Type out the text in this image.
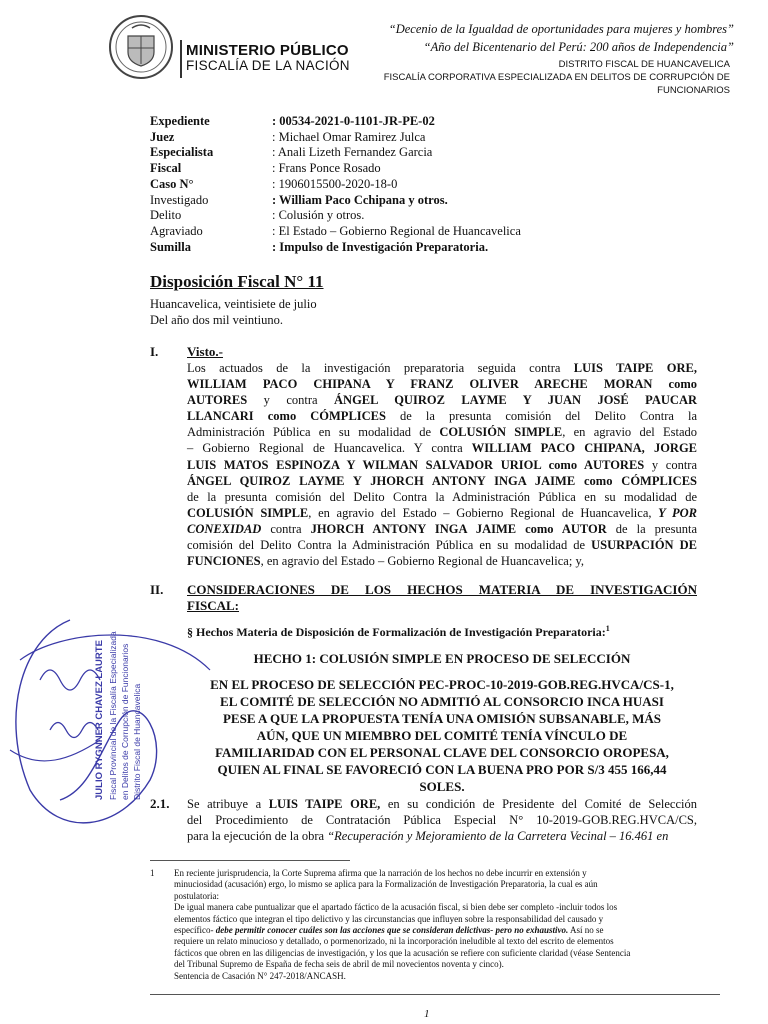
MINISTERIO PÚBLICO
FISCALÍA DE LA NACIÓN
“Decenio de la Igualdad de oportunidades para mujeres y hombres”
“Año del Bicentenario del Perú: 200 años de Independencia”
DISTRITO FISCAL DE HUANCAVELICA
FISCALÍA CORPORATIVA ESPECIALIZADA EN DELITOS DE CORRUPCIÓN DE
FUNCIONARIOS
Expediente	: 00534-2021-0-1101-JR-PE-02
Juez	: Michael Omar Ramirez Julca
Especialista	: Anali Lizeth Fernandez Garcia
Fiscal	: Frans Ponce Rosado
Caso N°	: 1906015500-2020-18-0
Investigado	: William Paco Cchipana y otros.
Delito	: Colusión y otros.
Agraviado	: El Estado – Gobierno Regional de Huancavelica
Sumilla	: Impulso de Investigación Preparatoria.
Disposición Fiscal N° 11
Huancavelica, veintisiete de julio
Del año dos mil veintiuno.
I. Visto.-
Los actuados de la investigación preparatoria seguida contra LUIS TAIPE ORE,
WILLIAM PACO CHIPANA Y FRANZ OLIVER ARECHE MORAN como
AUTORES y contra ÁNGEL QUIROZ LAYME Y JUAN JOSÉ PAUCAR
LLANCARI como CÓMPLICES de la presunta comisión del Delito Contra la
Administración Pública en su modalidad de COLUSIÓN SIMPLE, en agravio del Estado
– Gobierno Regional de Huancavelica. Y contra WILLIAM PACO CHIPANA, JORGE
LUIS MATOS ESPINOZA Y WILMAN SALVADOR URIOL como AUTORES y contra
ÁNGEL QUIROZ LAYME Y JHORCH ANTONY INGA JAIME como CÓMPLICES
de la presunta comisión del Delito Contra la Administración Pública en su modalidad de
COLUSIÓN SIMPLE, en agravio del Estado – Gobierno Regional de Huancavelica, Y POR
CONEXIDAD contra JHORCH ANTONY INGA JAIME como AUTOR de la presunta
comisión del Delito Contra la Administración Pública en su modalidad de USURPACIÓN DE
FUNCIONES, en agravio del Estado – Gobierno Regional de Huancavelica; y,
II. CONSIDERACIONES DE LOS HECHOS MATERIA DE INVESTIGACIÓN
FISCAL:
§ Hechos Materia de Disposición de Formalización de Investigación Preparatoria:$^1$
HECHO 1: COLUSIÓN SIMPLE EN PROCESO DE SELECCIÓN
EN EL PROCESO DE SELECCIÓN PEC-PROC-10-2019-GOB.REG.HVCA/CS-1,
EL COMITÉ DE SELECCIÓN NO ADMITIÓ AL CONSORCIO INCA HUASI
PESE A QUE LA PROPUESTA TENÍA UNA OMISIÓN SUBSANABLE, MÁS
AÚN, QUE UN MIEMBRO DEL COMITÉ TENÍA VÍNCULO DE
FAMILIARIDAD CON EL PERSONAL CLAVE DEL CONSORCIO OROPESA,
QUIEN AL FINAL SE FAVORECIÓ CON LA BUENA PRO POR S/3 455 166,44
SOLES.
2.1. Se atribuye a LUIS TAIPE ORE, en su condición de Presidente del Comité de Selección
del Procedimiento de Contratación Pública Especial N° 10-2019-GOB.REG.HVCA/CS,
para la ejecución de la obra “Recuperación y Mejoramiento de la Carretera Vecinal – 16.461 en
1	En reciente jurisprudencia, la Corte Suprema afirma que la narración de los hechos no debe incurrir en extensión y
minuciosidad (acusación) ergo, lo mismo se aplica para la Formalización de Investigación Preparatoria, la cual es aún
postulatoria:
De igual manera cabe puntualizar que el apartado fáctico de la acusación fiscal, si bien debe ser completo -incluir todos los
elementos fáctico que integran el tipo delictivo y las circunstancias que influyen sobre la responsabilidad del causado y
específico- debe permitir conocer cuáles son las acciones que se consideran delictivas- pero no exhaustivo. Así no se
requiere un relato minucioso y detallado, o pormenorizado, ni la incorporación ineludible al texto del escrito de elementos
fácticos que obren en las diligencias de investigación, y los que la acusación se refiere con suficiente claridad (véase Sentencia
del Tribunal Supremo de España de fecha seis de abril de mil novecientos noventa y cinco).
Sentencia de Casación N° 247-2018/ANCASH.
1
JULIO RYGNNER CHAVEZ LAURTE Fiscal Provincial de la Fiscalía Especializada en Delitos de Corrupción de Funcionarios Distrito Fiscal de Huancavelica
